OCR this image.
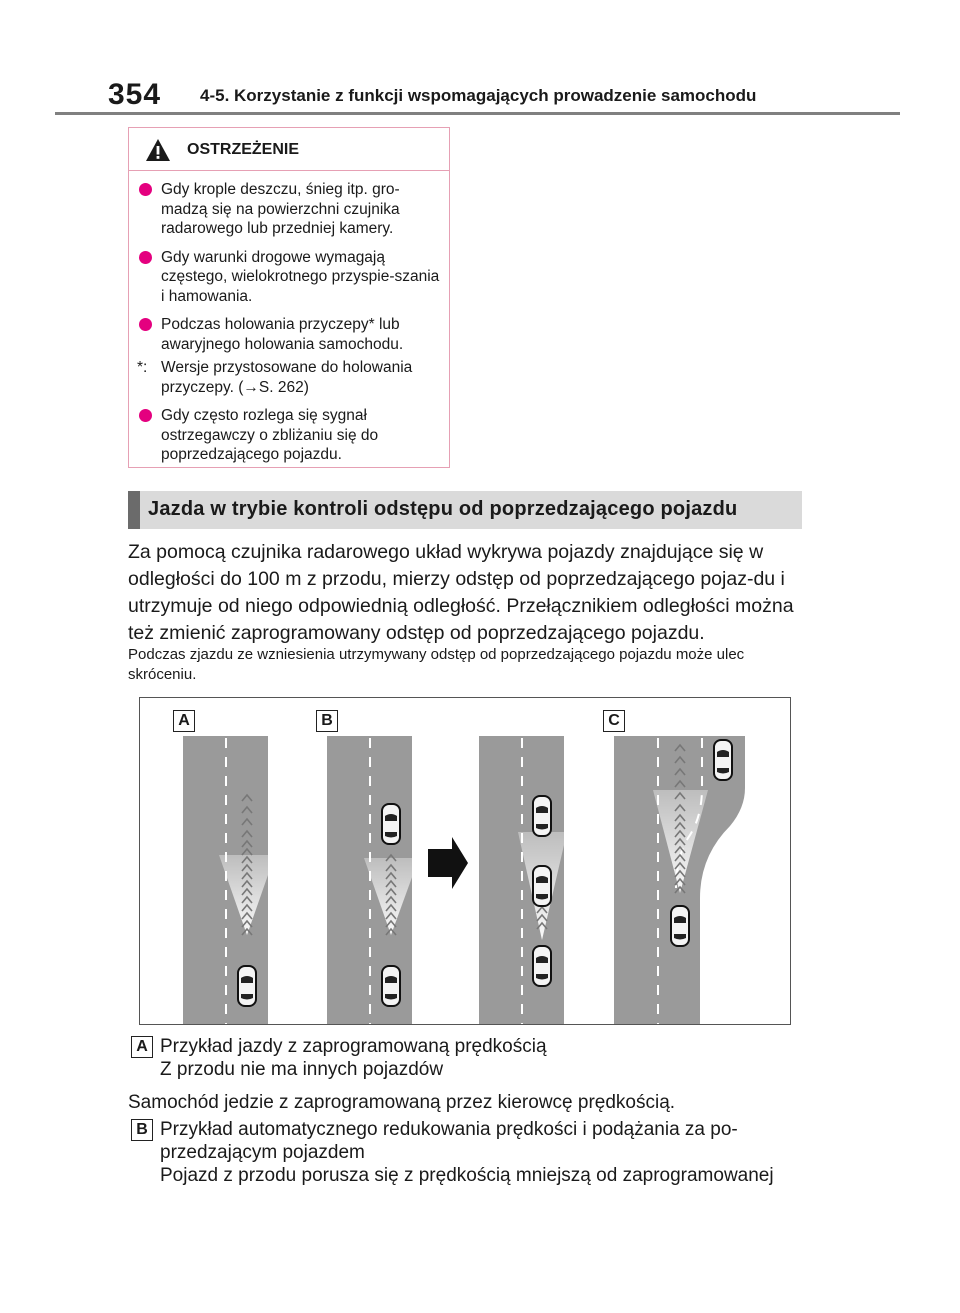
354 4-5. Korzystanie z funkcji wspomagających prowadzenie samochodu
OSTRZEŻENIE
Gdy krople deszczu, śnieg itp. gro-madzą się na powierzchni czujnika radarowego lub przedniej kamery.
Gdy warunki drogowe wymagają częstego, wielokrotnego przyspie-szania i hamowania.
Podczas holowania przyczepy* lub awaryjnego holowania samochodu.
*: Wersje przystosowane do holowania przyczepy. (→S. 262)
Gdy często rozlega się sygnał ostrzegawczy o zbliżaniu się do poprzedzającego pojazdu.
Jazda w trybie kontroli odstępu od poprzedzającego pojazdu
Za pomocą czujnika radarowego układ wykrywa pojazdy znajdujące się w odległości do 100 m z przodu, mierzy odstęp od poprzedzającego pojaz-du i utrzymuje od niego odpowiednią odległość. Przełącznikiem odległości można też zmienić zaprogramowany odstęp od poprzedzającego pojazdu.
Podczas zjazdu ze wzniesienia utrzymywany odstęp od poprzedzającego pojazdu może ulec skróceniu.
A	B	C
A Przykład jazdy z zaprogramowaną prędkością
Z przodu nie ma innych pojazdów
Samochód jedzie z zaprogramowaną przez kierowcę prędkością.
B Przykład automatycznego redukowania prędkości i podążania za po-przedzającym pojazdem
Pojazd z przodu porusza się z prędkością mniejszą od zaprogramowanej
